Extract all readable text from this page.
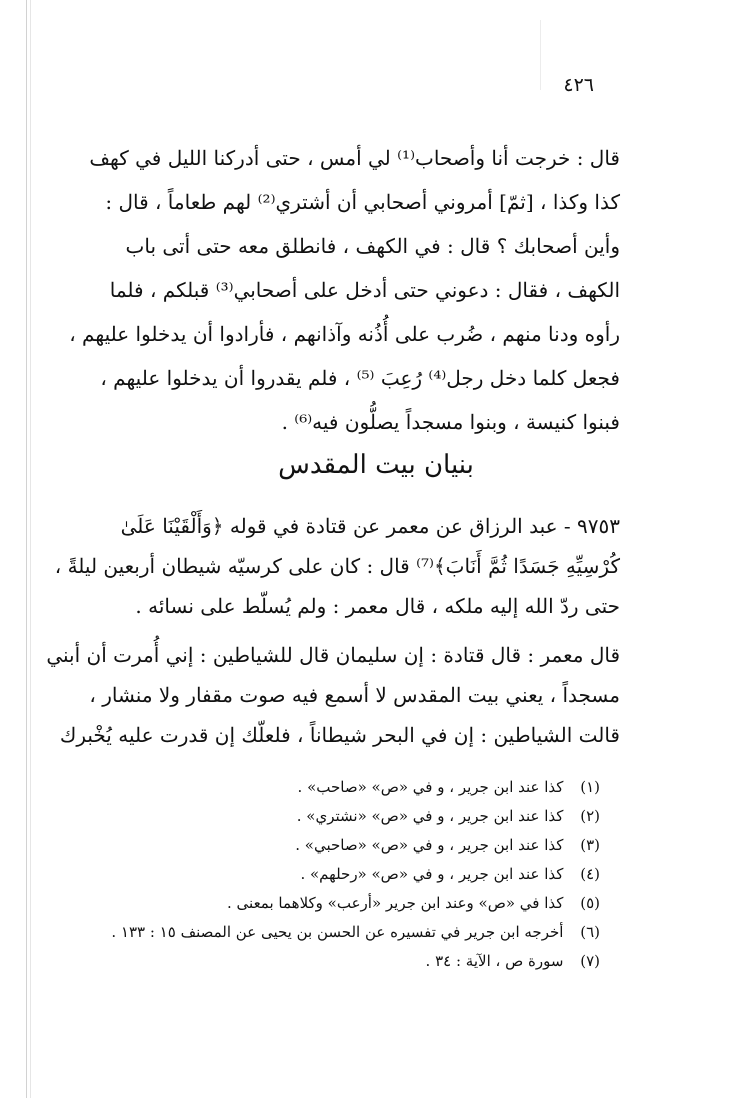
٤٢٦
قال : خرجت أنا وأصحاب⁽¹⁾ لي أمس ، حتى أدركنا الليل في كهف
كذا وكذا ، [ثمّ] أمروني أصحابي أن أشتري⁽²⁾ لهم طعاماً ، قال :
وأين أصحابك ؟ قال : في الكهف ، فانطلق معه حتى أتى باب
الكهف ، فقال : دعوني حتى أدخل على أصحابي⁽³⁾ قبلكم ، فلما
رأوه ودنا منهم ، ضُرب على أُذُنه وآذانهم ، فأرادوا أن يدخلوا عليهم ،
فجعل كلما دخل رجل⁽⁴⁾ رُعِبَ ⁽⁵⁾ ، فلم يقدروا أن يدخلوا عليهم ،
فبنوا كنيسة ، وبنوا مسجداً يصلُّون فيه⁽⁶⁾ .
بنيان بيت المقدس
٩٧٥٣ - عبد الرزاق عن معمر عن قتادة في قوله ﴿وَأَلْقَيْنَا عَلَىٰ
كُرْسِيِّهِ جَسَدًا ثُمَّ أَنَابَ﴾⁽⁷⁾ قال : كان على كرسيّه شيطان أربعين ليلةً ،
حتى ردّ الله إليه ملكه ، قال معمر : ولم يُسلّط على نسائه .
قال معمر : قال قتادة : إن سليمان قال للشياطين : إني أُمرت أن أبني
مسجداً ، يعني بيت المقدس لا أسمع فيه صوت مقفار ولا منشار ،
قالت الشياطين : إن في البحر شيطاناً ، فلعلّك إن قدرت عليه يُخْبرك
(١) كذا عند ابن جرير ، و في «ص» «صاحب» .
(٢) كذا عند ابن جرير ، و في «ص» «نشتري» .
(٣) كذا عند ابن جرير ، و في «ص» «صاحبي» .
(٤) كذا عند ابن جرير ، و في «ص» «رحلهم» .
(٥) كذا في «ص» وعند ابن جرير «أرعب» وكلاهما بمعنى .
(٦) أخرجه ابن جرير في تفسيره عن الحسن بن يحيى عن المصنف ١٥ : ١٣٣ .
(٧) سورة ص ، الآية : ٣٤ .
